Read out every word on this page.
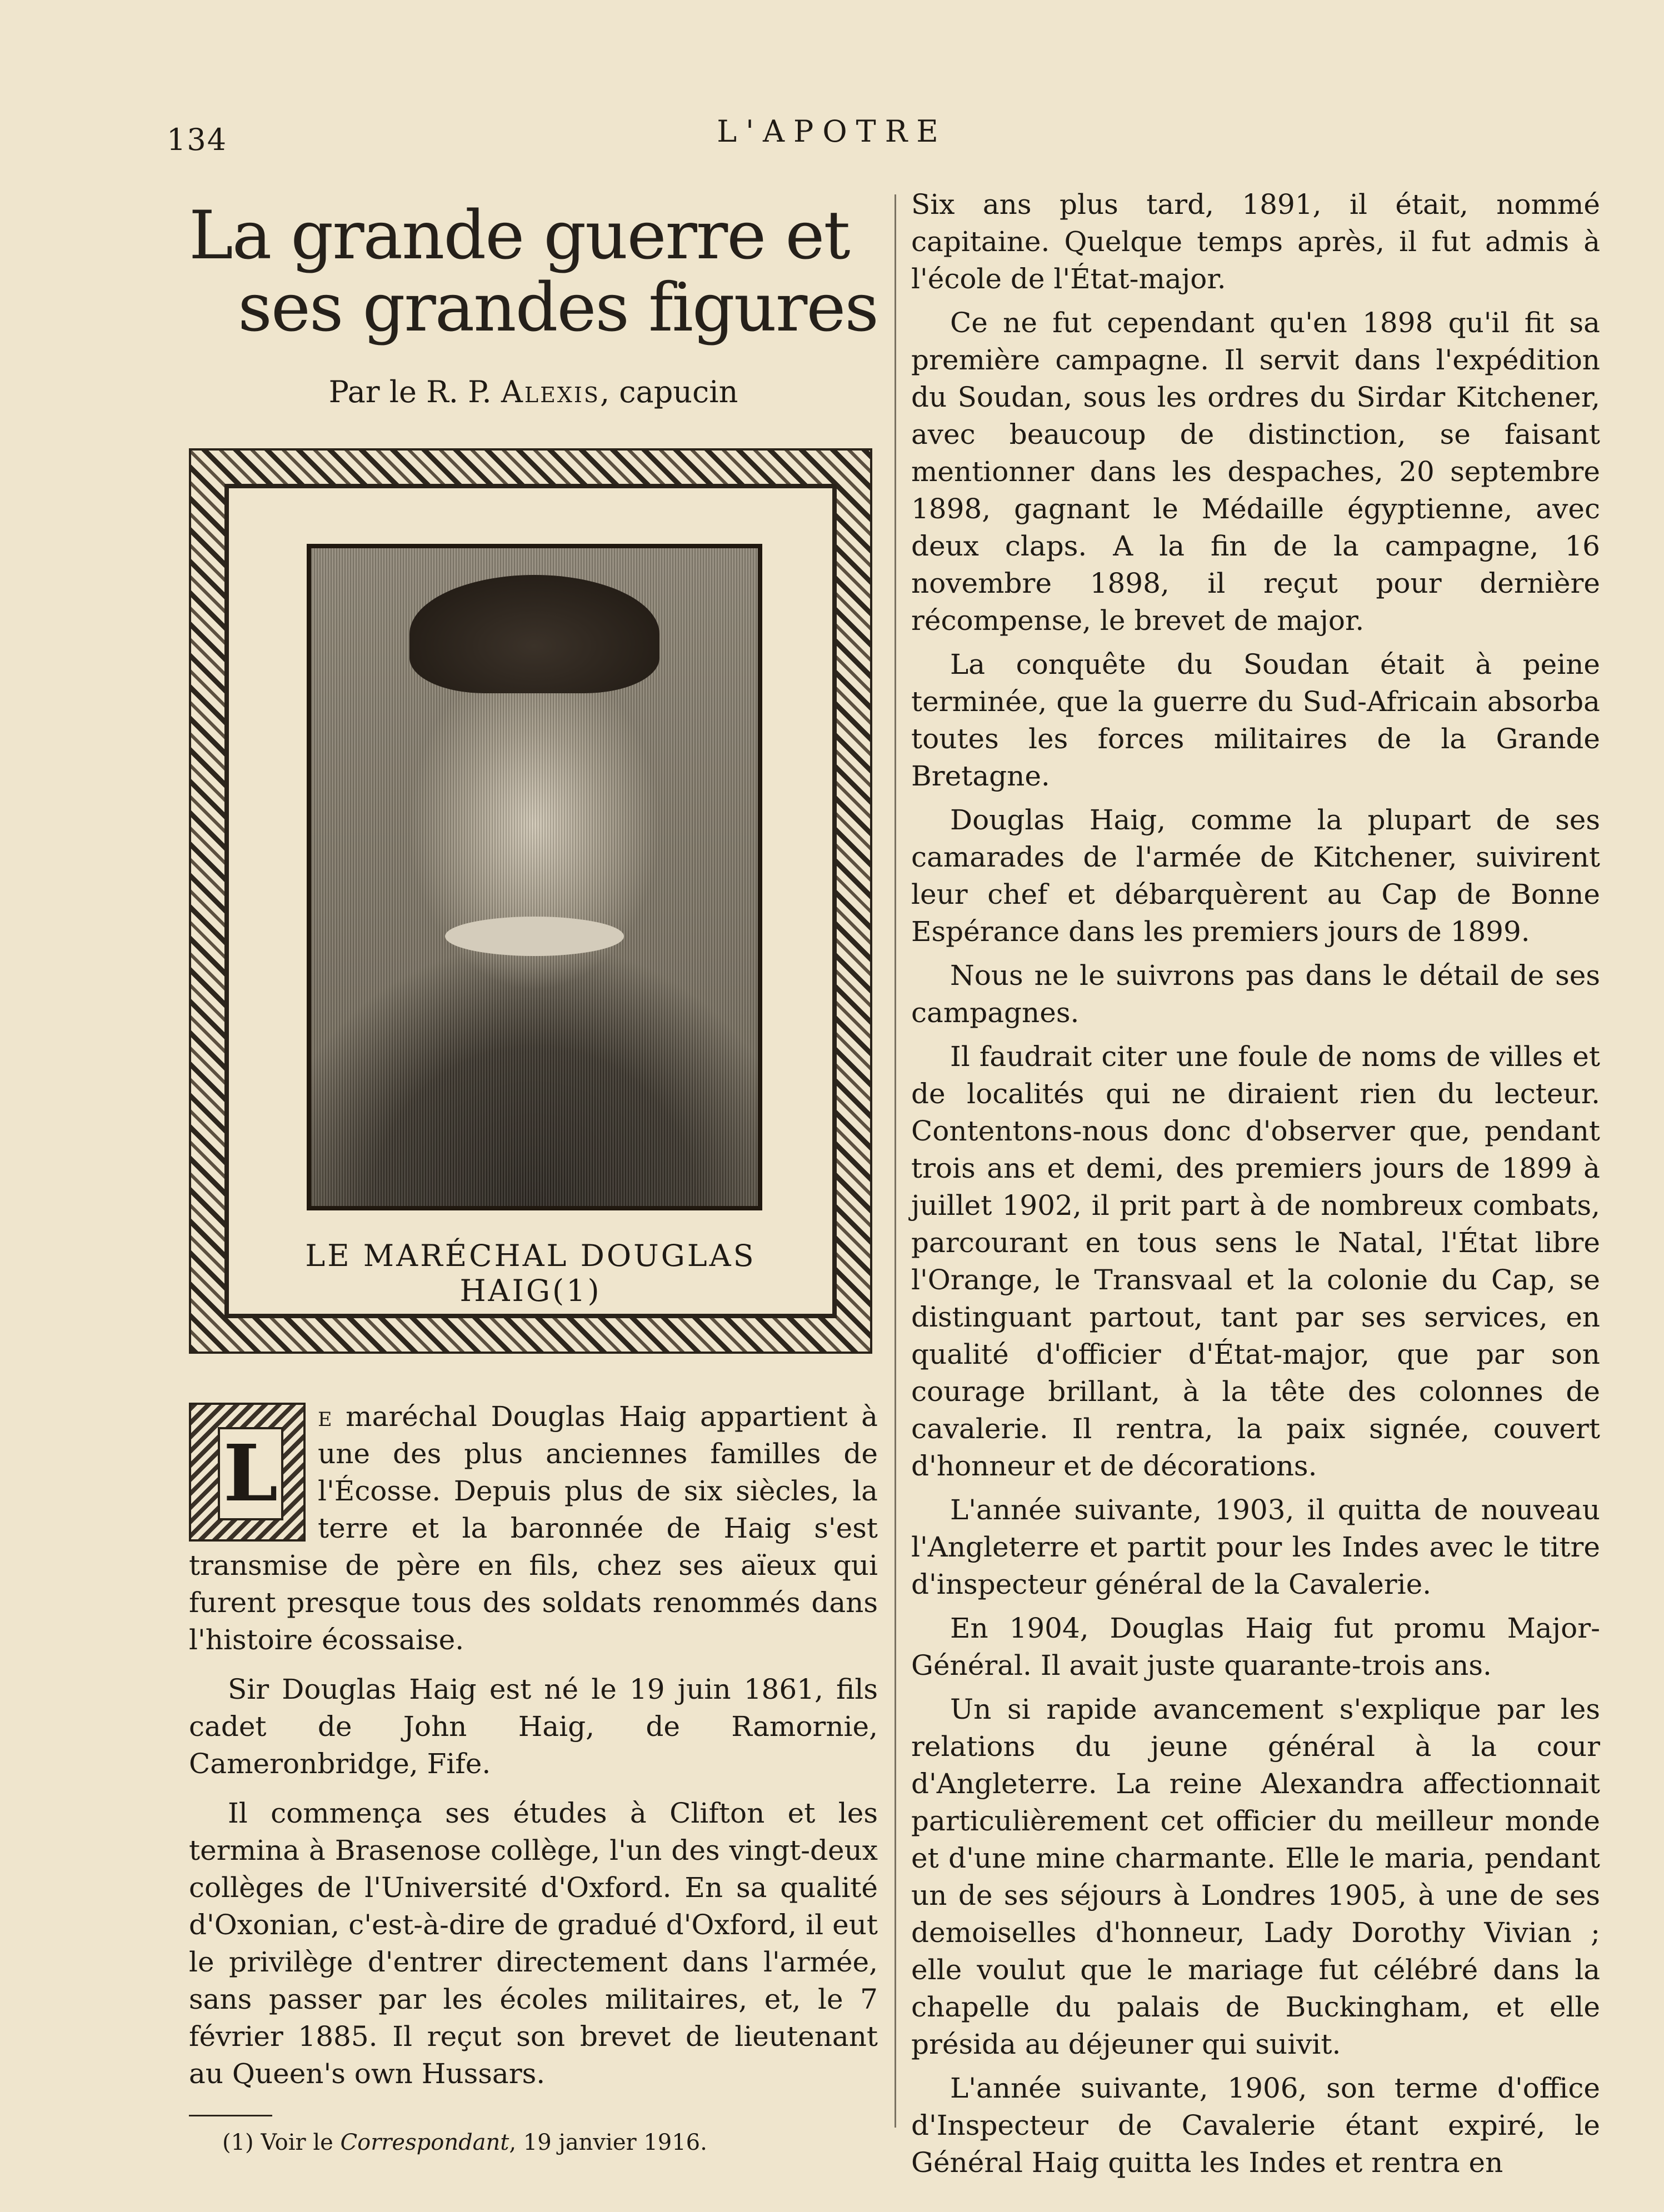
134	L'APOTRE
La grande guerre et
ses grandes figures
Par le R. P. Alexis, capucin
LE MARÉCHAL DOUGLAS HAIG(1)

L
e maréchal Douglas Haig appartient à une des plus anciennes familles de l'Écosse. Depuis plus de six siècles, la terre et la baronnée de Haig s'est transmise de père en fils, chez ses aïeux qui furent presque tous des soldats renommés dans l'histoire écossaise.

Sir Douglas Haig est né le 19 juin 1861, fils cadet de John Haig, de Ramornie, Cameronbridge, Fife.

Il commença ses études à Clifton et les termina à Brasenose collège, l'un des vingt-deux collèges de l'Université d'Oxford. En sa qualité d'Oxonian, c'est-à-dire de gradué d'Oxford, il eut le privilège d'entrer directement dans l'armée, sans passer par les écoles militaires, et, le 7 février 1885. Il reçut son brevet de lieutenant au Queen's own Hussars.

(1) Voir le Correspondant, 19 janvier 1916.

Six ans plus tard, 1891, il était, nommé capitaine. Quelque temps après, il fut admis à l'école de l'État-major.

Ce ne fut cependant qu'en 1898 qu'il fit sa première campagne. Il servit dans l'expédition du Soudan, sous les ordres du Sirdar Kitchener, avec beaucoup de distinction, se faisant mentionner dans les despaches, 20 septembre 1898, gagnant le Médaille égyptienne, avec deux claps. A la fin de la campagne, 16 novembre 1898, il reçut pour dernière récompense, le brevet de major.

La conquête du Soudan était à peine terminée, que la guerre du Sud-Africain absorba toutes les forces militaires de la Grande Bretagne.

Douglas Haig, comme la plupart de ses camarades de l'armée de Kitchener, suivirent leur chef et débarquèrent au Cap de Bonne Espérance dans les premiers jours de 1899.

Nous ne le suivrons pas dans le détail de ses campagnes.

Il faudrait citer une foule de noms de villes et de localités qui ne diraient rien du lecteur. Contentons-nous donc d'observer que, pendant trois ans et demi, des premiers jours de 1899 à juillet 1902, il prit part à de nombreux combats, parcourant en tous sens le Natal, l'État libre l'Orange, le Transvaal et la colonie du Cap, se distinguant partout, tant par ses services, en qualité d'officier d'État-major, que par son courage brillant, à la tête des colonnes de cavalerie. Il rentra, la paix signée, couvert d'honneur et de décorations.

L'année suivante, 1903, il quitta de nouveau l'Angleterre et partit pour les Indes avec le titre d'inspecteur général de la Cavalerie.

En 1904, Douglas Haig fut promu Major-Général. Il avait juste quarante-trois ans.

Un si rapide avancement s'explique par les relations du jeune général à la cour d'Angleterre. La reine Alexandra affectionnait particulièrement cet officier du meilleur monde et d'une mine charmante. Elle le maria, pendant un de ses séjours à Londres 1905, à une de ses demoiselles d'honneur, Lady Dorothy Vivian ; elle voulut que le mariage fut célébré dans la chapelle du palais de Buckingham, et elle présida au déjeuner qui suivit.

L'année suivante, 1906, son terme d'office d'Inspecteur de Cavalerie étant expiré, le Général Haig quitta les Indes et rentra en
